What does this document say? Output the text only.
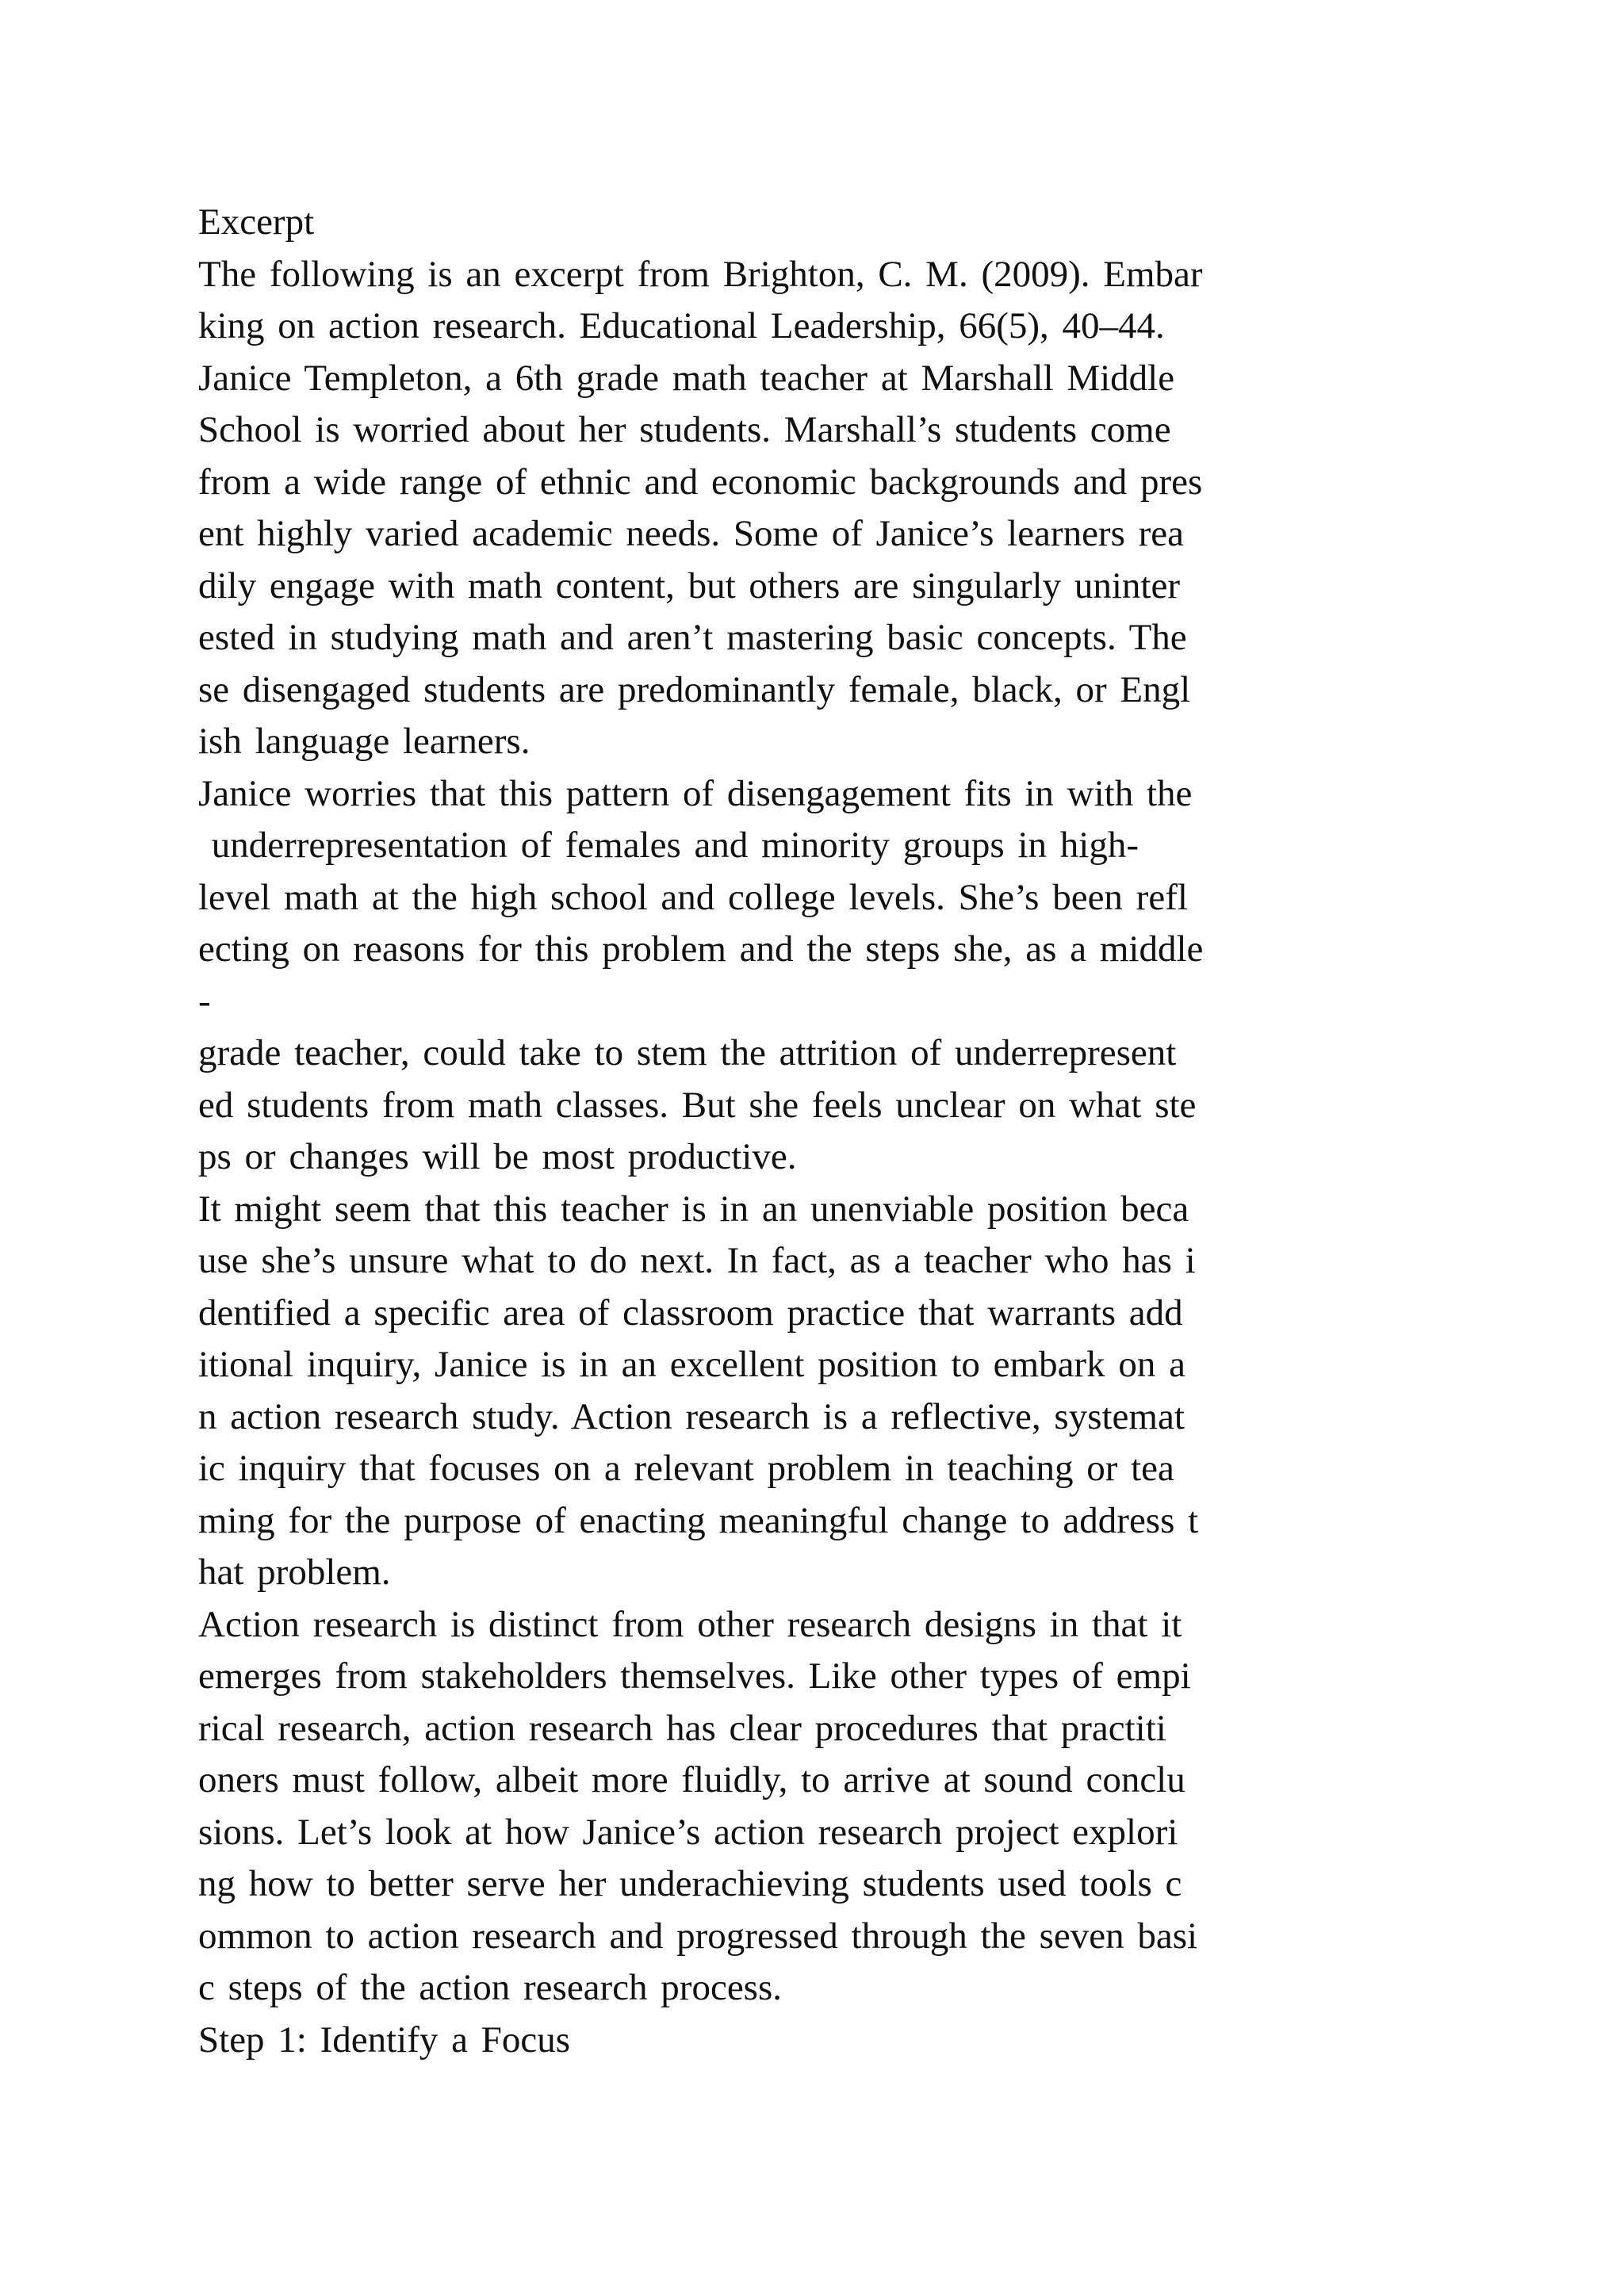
Excerpt
The following is an excerpt from Brighton, C. M. (2009). Embar
king on action research. Educational Leadership, 66(5), 40–44.
Janice Templeton, a 6th grade math teacher at Marshall Middle
School is worried about her students. Marshall’s students come
from a wide range of ethnic and economic backgrounds and pres
ent highly varied academic needs. Some of Janice’s learners rea
dily engage with math content, but others are singularly uninter
ested in studying math and aren’t mastering basic concepts. The
se disengaged students are predominantly female, black, or Engl
ish language learners.
Janice worries that this pattern of disengagement fits in with the
underrepresentation of females and minority groups in high-
level math at the high school and college levels. She’s been refl
ecting on reasons for this problem and the steps she, as a middle
-
grade teacher, could take to stem the attrition of underrepresent
ed students from math classes. But she feels unclear on what ste
ps or changes will be most productive.
It might seem that this teacher is in an unenviable position beca
use she’s unsure what to do next. In fact, as a teacher who has i
dentified a specific area of classroom practice that warrants add
itional inquiry, Janice is in an excellent position to embark on a
n action research study. Action research is a reflective, systemat
ic inquiry that focuses on a relevant problem in teaching or tea
ming for the purpose of enacting meaningful change to address t
hat problem.
Action research is distinct from other research designs in that it
emerges from stakeholders themselves. Like other types of empi
rical research, action research has clear procedures that practiti
oners must follow, albeit more fluidly, to arrive at sound conclu
sions. Let’s look at how Janice’s action research project explori
ng how to better serve her underachieving students used tools c
ommon to action research and progressed through the seven basi
c steps of the action research process.
Step 1: Identify a Focus
